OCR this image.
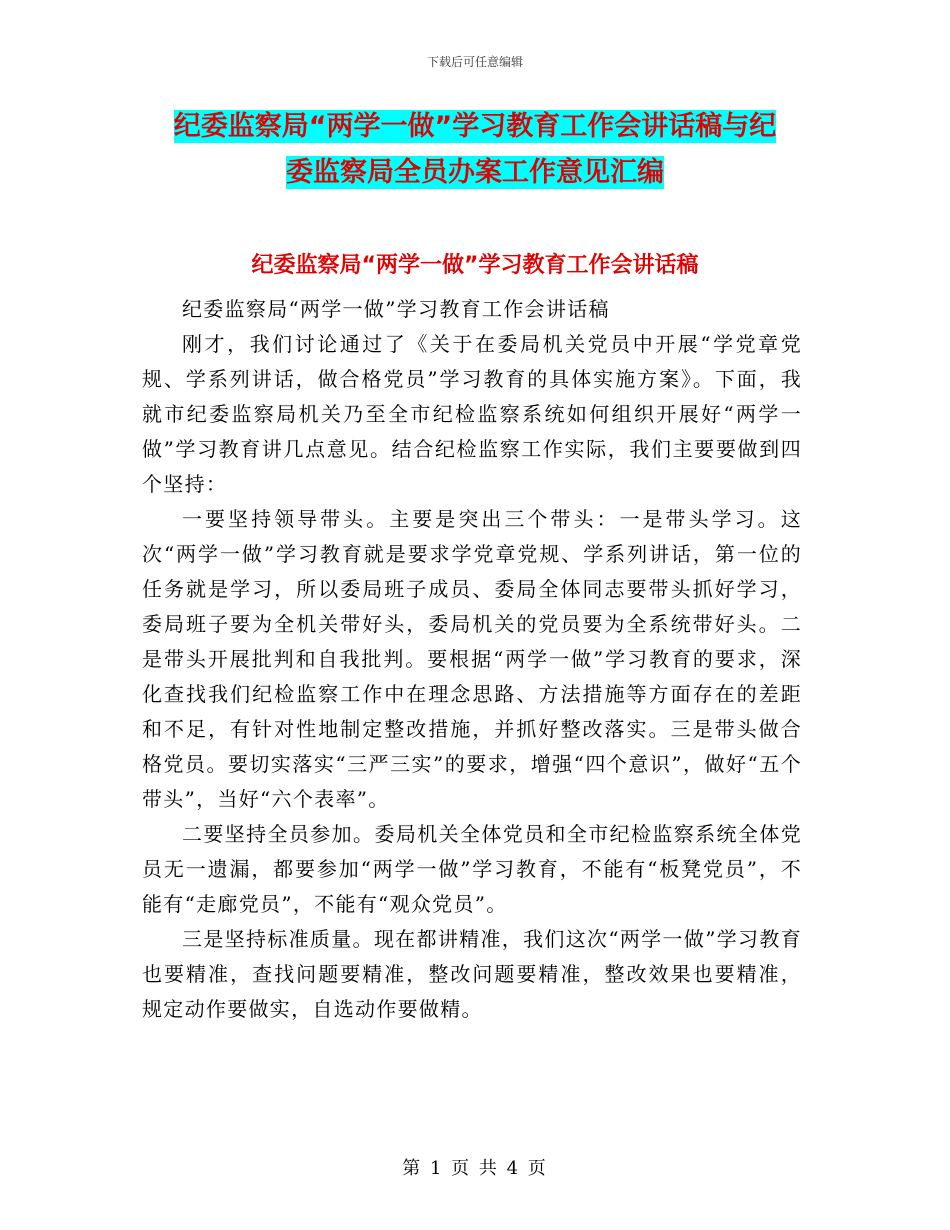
下载后可任意编辑
纪委监察局“两学一做”学习教育工作会讲话稿与纪
委监察局全员办案工作意见汇编
纪委监察局“两学一做”学习教育工作会讲话稿

纪委监察局“两学一做”学习教育工作会讲话稿

刚才，我们讨论通过了《关于在委局机关党员中开展“学党章党规、学系列讲话，做合格党员”学习教育的具体实施方案》。下面，我就市纪委监察局机关乃至全市纪检监察系统如何组织开展好“两学一做”学习教育讲几点意见。结合纪检监察工作实际，我们主要要做到四个坚持：

一要坚持领导带头。主要是突出三个带头：一是带头学习。这次“两学一做”学习教育就是要求学党章党规、学系列讲话，第一位的任务就是学习，所以委局班子成员、委局全体同志要带头抓好学习，委局班子要为全机关带好头，委局机关的党员要为全系统带好头。二是带头开展批判和自我批判。要根据“两学一做”学习教育的要求，深化查找我们纪检监察工作中在理念思路、方法措施等方面存在的差距和不足，有针对性地制定整改措施，并抓好整改落实。三是带头做合格党员。要切实落实“三严三实”的要求，增强“四个意识”，做好“五个带头”，当好“六个表率”。

二要坚持全员参加。委局机关全体党员和全市纪检监察系统全体党员无一遗漏，都要参加“两学一做”学习教育，不能有“板凳党员”，不能有“走廊党员”，不能有“观众党员”。

三是坚持标准质量。现在都讲精准，我们这次“两学一做”学习教育也要精准，查找问题要精准，整改问题要精准，整改效果也要精准，规定动作要做实，自选动作要做精。

第 1 页 共 4 页
